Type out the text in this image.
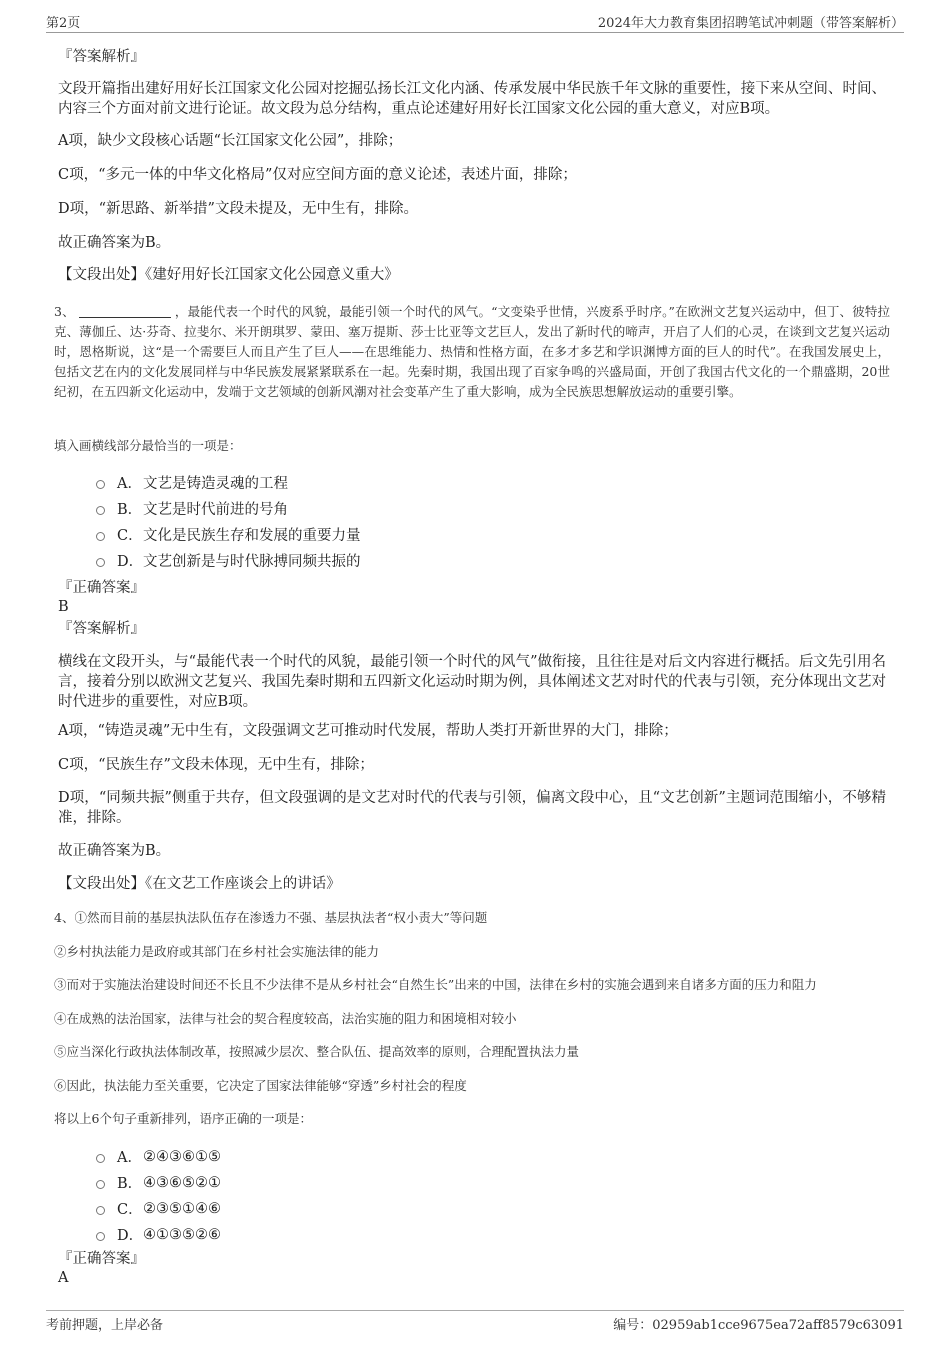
第2页	2024年大力教育集团招聘笔试冲刺题（带答案解析）
『答案解析』
文段开篇指出建好用好长江国家文化公园对挖掘弘扬长江文化内涵、传承发展中华民族千年文脉的重要性，接下来从空间、时间、内容三个方面对前文进行论证。故文段为总分结构，重点论述建好用好长江国家文化公园的重大意义，对应B项。
A项，缺少文段核心话题“长江国家文化公园”，排除；
C项，“多元一体的中华文化格局”仅对应空间方面的意义论述，表述片面，排除；
D项，“新思路、新举措”文段未提及，无中生有，排除。
故正确答案为B。
【文段出处】《建好用好长江国家文化公园意义重大》
3、	，最能代表一个时代的风貌，最能引领一个时代的风气。“文变染乎世情，兴废系乎时序。”在欧洲文艺复兴运动中，但丁、彼特拉克、薄伽丘、达·芬奇、拉斐尔、米开朗琪罗、蒙田、塞万提斯、莎士比亚等文艺巨人，发出了新时代的啼声，开启了人们的心灵，在谈到文艺复兴运动时，恩格斯说，这“是一个需要巨人而且产生了巨人——在思维能力、热情和性格方面，在多才多艺和学识渊博方面的巨人的时代”。在我国发展史上，包括文艺在内的文化发展同样与中华民族发展紧紧联系在一起。先秦时期，我国出现了百家争鸣的兴盛局面，开创了我国古代文化的一个鼎盛期，20世纪初，在五四新文化运动中，发端于文艺领域的创新风潮对社会变革产生了重大影响，成为全民族思想解放运动的重要引擎。
填入画横线部分最恰当的一项是：
A． 文艺是铸造灵魂的工程
B． 文艺是时代前进的号角
C． 文化是民族生存和发展的重要力量
D． 文艺创新是与时代脉搏同频共振的
『正确答案』
B
『答案解析』
横线在文段开头，与“最能代表一个时代的风貌，最能引领一个时代的风气”做衔接，且往往是对后文内容进行概括。后文先引用名言，接着分别以欧洲文艺复兴、我国先秦时期和五四新文化运动时期为例，具体阐述文艺对时代的代表与引领，充分体现出文艺对时代进步的重要性，对应B项。
A项，“铸造灵魂”无中生有，文段强调文艺可推动时代发展，帮助人类打开新世界的大门，排除；
C项，“民族生存”文段未体现，无中生有，排除；
D项，“同频共振”侧重于共存，但文段强调的是文艺对时代的代表与引领，偏离文段中心，且“文艺创新”主题词范围缩小，不够精准，排除。
故正确答案为B。
【文段出处】《在文艺工作座谈会上的讲话》
4、①然而目前的基层执法队伍存在渗透力不强、基层执法者“权小责大”等问题
②乡村执法能力是政府或其部门在乡村社会实施法律的能力
③而对于实施法治建设时间还不长且不少法律不是从乡村社会“自然生长”出来的中国，法律在乡村的实施会遇到来自诸多方面的压力和阻力
④在成熟的法治国家，法律与社会的契合程度较高，法治实施的阻力和困境相对较小
⑤应当深化行政执法体制改革，按照减少层次、整合队伍、提高效率的原则，合理配置执法力量
⑥因此，执法能力至关重要，它决定了国家法律能够“穿透”乡村社会的程度
将以上6个句子重新排列，语序正确的一项是：
A． ②④③⑥①⑤
B． ④③⑥⑤②①
C． ②③⑤①④⑥
D． ④①③⑤②⑥
『正确答案』
A
考前押题，上岸必备	编号：02959ab1cce9675ea72aff8579c63091
